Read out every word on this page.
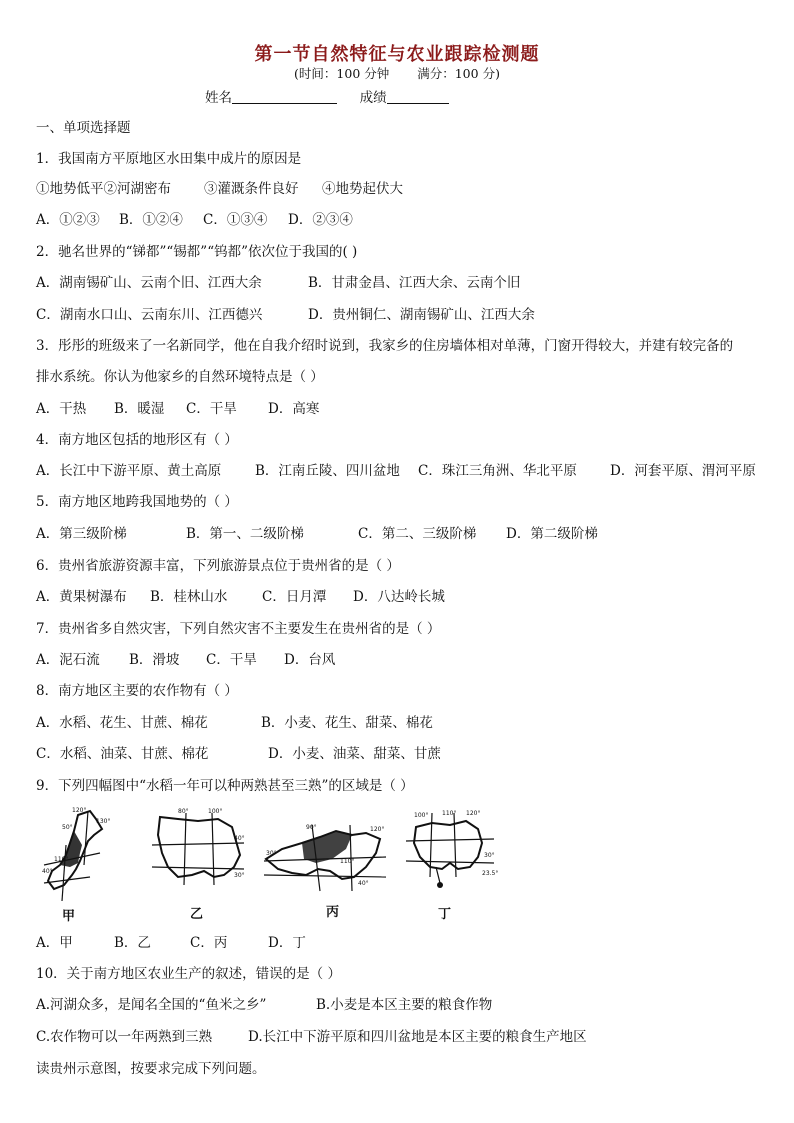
第一节自然特征与农业跟踪检测题
(时间：100 分钟 满分：100 分)
姓名	成绩
一、单项选择题
1．我国南方平原地区水田集中成片的原因是
①地势低平②河湖密布 ③灌溉条件良好 ④地势起伏大
A．①②③ B．①②④ C．①③④ D．②③④
2．驰名世界的“锑都”“锡都”“钨都”依次位于我国的( )
A．湖南锡矿山、云南个旧、江西大余	B．甘肃金昌、江西大余、云南个旧
C．湖南水口山、云南东川、江西德兴	D．贵州铜仁、湖南锡矿山、江西大余
3．彤彤的班级来了一名新同学，他在自我介绍时说到，我家乡的住房墙体相对单薄，门窗开得较大，并建有较完备的
排水系统。你认为他家乡的自然环境特点是（ ）
A．干热 B．暖湿 C．干旱 D．高寒
4．南方地区包括的地形区有（ ）
A．长江中下游平原、黄土高原	B．江南丘陵、四川盆地 C．珠江三角洲、华北平原 D．河套平原、渭河平原
5．南方地区地跨我国地势的（ ）
A．第三级阶梯	B．第一、二级阶梯	C．第二、三级阶梯 D．第二级阶梯
6．贵州省旅游资源丰富，下列旅游景点位于贵州省的是（ ）
A．黄果树瀑布 B．桂林山水	C．日月潭 D．八达岭长城
7．贵州省多自然灾害，下列自然灾害不主要发生在贵州省的是（ ）
A．泥石流 B．滑坡 C．干旱 D．台风
8．南方地区主要的农作物有（ ）
A．水稻、花生、甘蔗、棉花	B．小麦、花生、甜菜、棉花
C．水稻、油菜、甘蔗、棉花	D．小麦、油菜、甜菜、甘蔗
9．下列四幅图中“水稻一年可以种两熟甚至三熟”的区域是（ ）
120°
50°
130°
110°
40°
甲
80°	100°
40°
30°
乙
90°	120°
110°
40°
30°
丙
100° 110° 120°
30°
23.5°
丁
A．甲	B．乙	C．丙	D．丁
10．关于南方地区农业生产的叙述，错误的是（ ）
A.河湖众多，是闻名全国的“鱼米之乡”	B.小麦是本区主要的粮食作物
C.农作物可以一年两熟到三熟	D.长江中下游平原和四川盆地是本区主要的粮食生产地区
读贵州示意图，按要求完成下列问题。
